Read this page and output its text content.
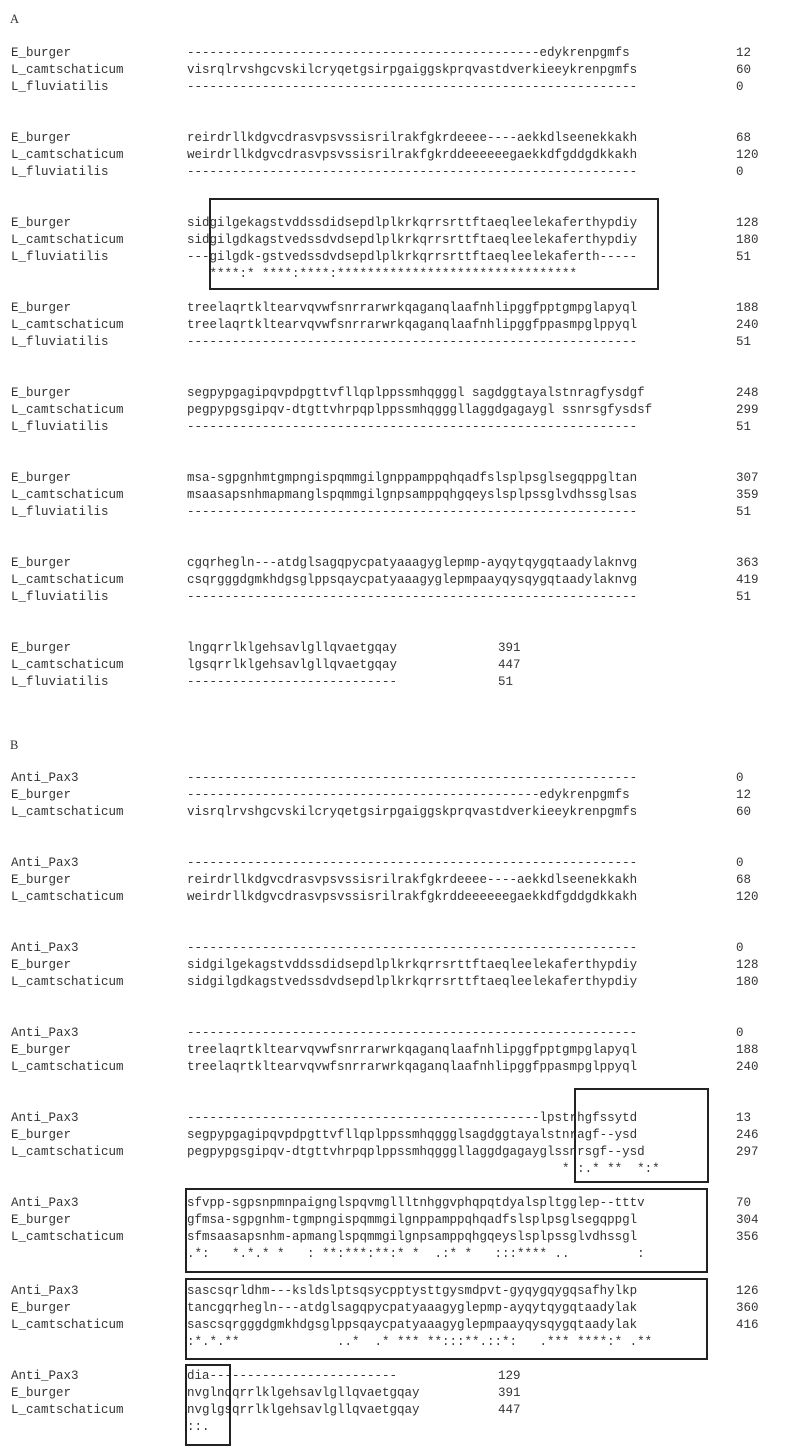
A
B
E_burger	-----------------------------------------------edykrenpgmfs	12
L_camtschaticum	visrqlrvshgcvskilcryqetgsirpgaiggskprqvastdverkieeykrenpgmfs	60
L_fluviatilis	------------------------------------------------------------	0
E_burger	reirdrllkdgvcdrasvpsvssisrilrakfgkrdeeee----aekkdlseenekkakh	68
L_camtschaticum	weirdrllkdgvcdrasvpsvssisrilrakfgkrddeeeeeegaekkdfgddgdkkakh	120
L_fluviatilis	------------------------------------------------------------	0
E_burger	sidgilgekagstvddssdidsepdlplkrkqrrsrttftaeqleelekaferthypdiy	128
L_camtschaticum	sidgilgdkagstvedssdvdsepdlplkrkqrrsrttftaeqleelekaferthypdiy	180
L_fluviatilis	---gilgdk-gstvedssdvdsepdlplkrkqrrsrttftaeqleelekaferth-----	51
****:* ****:****:********************************
E_burger	treelaqrtkltearvqvwfsnrrarwrkqaganqlaafnhlipggfpptgmpglapyql	188
L_camtschaticum	treelaqrtkltearvqvwfsnrrarwrkqaganqlaafnhlipggfppasmpglppyql	240
L_fluviatilis	------------------------------------------------------------	51
E_burger	segpypgagipqvpdpgttvfllqplppssmhqgggl sagdggtayalstnragfysdgf	248
L_camtschaticum	pegpypgsgipqv-dtgttvhrpqplppssmhqgggllaggdgagaygl ssnrsgfysdsf	299
L_fluviatilis	------------------------------------------------------------	51
E_burger	msa-sgpgnhmtgmpngispqmmgilgnppamppqhqadfslsplpsglsegqppgltan	307
L_camtschaticum	msaasapsnhmapmanglspqmmgilgnpsamppqhgqeyslsplpssglvdhssglsas	359
L_fluviatilis	------------------------------------------------------------	51
E_burger	cgqrhegln---atdglsagqpycpatyaaagyglepmp-ayqytqygqtaadylaknvg	363
L_camtschaticum	csqrgggdgmkhdgsglppsqaycpatyaaagyglepmpaayqysqygqtaadylaknvg	419
L_fluviatilis	------------------------------------------------------------	51
E_burger	lngqrrlklgehsavlgllqvaetgqay	391
L_camtschaticum	lgsqrrlklgehsavlgllqvaetgqay	447
L_fluviatilis	----------------------------	51
Anti_Pax3	------------------------------------------------------------	0
E_burger	-----------------------------------------------edykrenpgmfs	12
L_camtschaticum	visrqlrvshgcvskilcryqetgsirpgaiggskprqvastdverkieeykrenpgmfs	60
Anti_Pax3	------------------------------------------------------------	0
E_burger	reirdrllkdgvcdrasvpsvssisrilrakfgkrdeeee----aekkdlseenekkakh	68
L_camtschaticum	weirdrllkdgvcdrasvpsvssisrilrakfgkrddeeeeeegaekkdfgddgdkkakh	120
Anti_Pax3	------------------------------------------------------------	0
E_burger	sidgilgekagstvddssdidsepdlplkrkqrrsrttftaeqleelekaferthypdiy	128
L_camtschaticum	sidgilgdkagstvedssdvdsepdlplkrkqrrsrttftaeqleelekaferthypdiy	180
Anti_Pax3	------------------------------------------------------------	0
E_burger	treelaqrtkltearvqvwfsnrrarwrkqaganqlaafnhlipggfpptgmpglapyql	188
L_camtschaticum	treelaqrtkltearvqvwfsnrrarwrkqaganqlaafnhlipggfppasmpglppyql	240
Anti_Pax3	-----------------------------------------------lpstrhgfssytd	13
E_burger	segpypgagipqvpdpgttvfllqplppssmhqggglsagdggtayalstnragf--ysd	246
L_camtschaticum	pegpypgsgipqv-dtgttvhrpqplppssmhqgggllaggdgagayglssnrsgf--ysd	297
* :.* **  *:*
Anti_Pax3	sfvpp-sgpsnpmnpaignglspqvmgllltnhggvphqpqtdyalspltgglep--tttv	70
E_burger	gfmsa-sgpgnhm-tgmpngispqmmgilgnppamppqhqadfslsplpsglsegqppgl	304
L_camtschaticum	sfmsaasapsnhm-apmanglspqmmgilgnpsamppqhgqeyslsplpssglvdhssgl	356
.*:   *.*.* *   : **:***:**:* *  .:* *   :::**** ..         :
Anti_Pax3	sascsqrldhm---ksldslptsqsycpptysttgysmdpvt-gyqygqygqsafhylkp	126
E_burger	tancgqrhegln---atdglsagqpycpatyaaagyglepmp-ayqytqygqtaadylak	360
L_camtschaticum	sascsqrgggdgmkhdgsglppsqaycpatyaaagyglepmpaayqysqygqtaadylak	416
:*.*.**             ..*  .* *** **:::**.::*:   .*** ****:* .**
Anti_Pax3	dia-------------------------	129
E_burger	nvglnqqrrlklgehsavlgllqvaetgqay	391
L_camtschaticum	nvglgsqrrlklgehsavlgllqvaetgqay	447
::.
